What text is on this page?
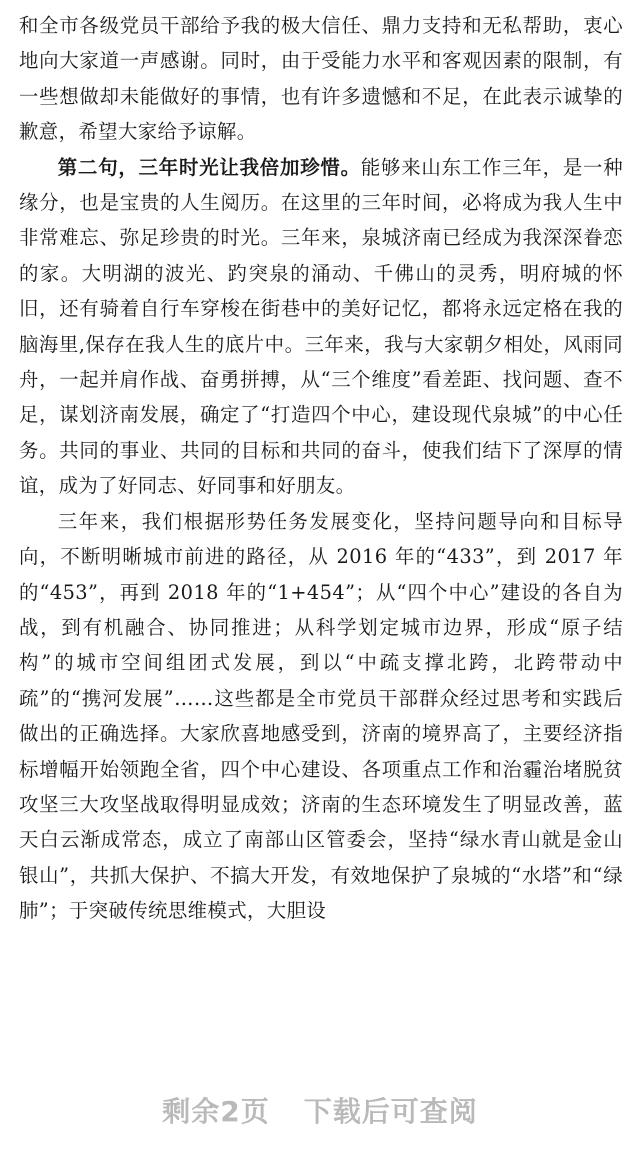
和全市各级党员干部给予我的极大信任、鼎力支持和无私帮助，衷心地向大家道一声感谢。同时，由于受能力水平和客观因素的限制，有一些想做却未能做好的事情，也有许多遗憾和不足，在此表示诚挚的歉意，希望大家给予谅解。

第二句，三年时光让我倍加珍惜。能够来山东工作三年，是一种缘分，也是宝贵的人生阅历。在这里的三年时间，必将成为我人生中非常难忘、弥足珍贵的时光。三年来，泉城济南已经成为我深深眷恋的家。大明湖的波光、趵突泉的涌动、千佛山的灵秀，明府城的怀旧，还有骑着自行车穿梭在街巷中的美好记忆，都将永远定格在我的脑海里,保存在我人生的底片中。三年来，我与大家朝夕相处，风雨同舟，一起并肩作战、奋勇拼搏，从“三个维度”看差距、找问题、查不足，谋划济南发展，确定了“打造四个中心，建设现代泉城”的中心任务。共同的事业、共同的目标和共同的奋斗，使我们结下了深厚的情谊，成为了好同志、好同事和好朋友。

三年来，我们根据形势任务发展变化，坚持问题导向和目标导向，不断明晰城市前进的路径，从 2016 年的“433”，到 2017 年的“453”，再到 2018 年的“1+454”；从“四个中心”建设的各自为战，到有机融合、协同推进；从科学划定城市边界，形成“原子结构”的城市空间组团式发展，到以“中疏支撑北跨，北跨带动中疏”的“携河发展”……这些都是全市党员干部群众经过思考和实践后做出的正确选择。大家欣喜地感受到，济南的境界高了，主要经济指标增幅开始领跑全省，四个中心建设、各项重点工作和治霾治堵脱贫攻坚三大攻坚战取得明显成效；济南的生态环境发生了明显改善，蓝天白云渐成常态，成立了南部山区管委会，坚持“绿水青山就是金山银山”，共抓大保护、不搞大开发，有效地保护了泉城的“水塔”和“绿肺”；于突破传统思维模式，大胆设

剩余2页 下载后可查阅
